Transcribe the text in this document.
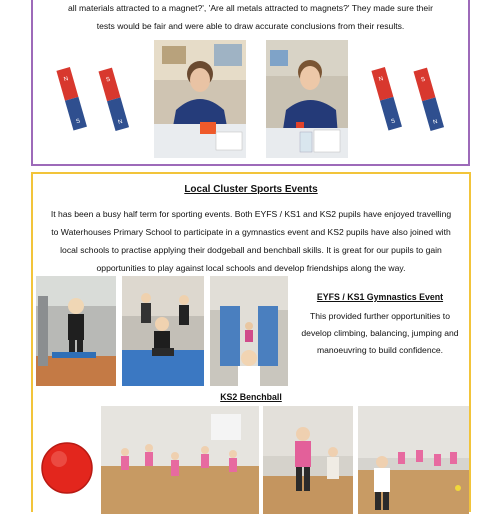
all materials attracted to a magnet?', 'Are all metals attracted to magnets?' They made sure their

tests would be fair and were able to draw accurate conclusions from their results.

N
S
S
N
N
S
S
N

Local Cluster Sports Events

It has been a busy half term for sporting events. Both EYFS / KS1 and KS2 pupils have enjoyed travelling

to Waterhouses Primary School to participate in a gymnastics event and KS2 pupils have also joined with

local schools to practise applying their dodgeball and benchball skills. It is great for our pupils to gain

opportunities to play against local schools and develop friendships along the way.

EYFS / KS1 Gymnastics Event

This provided further opportunities to

develop climbing, balancing, jumping and

manoeuvring to build confidence.

KS2 Benchball
